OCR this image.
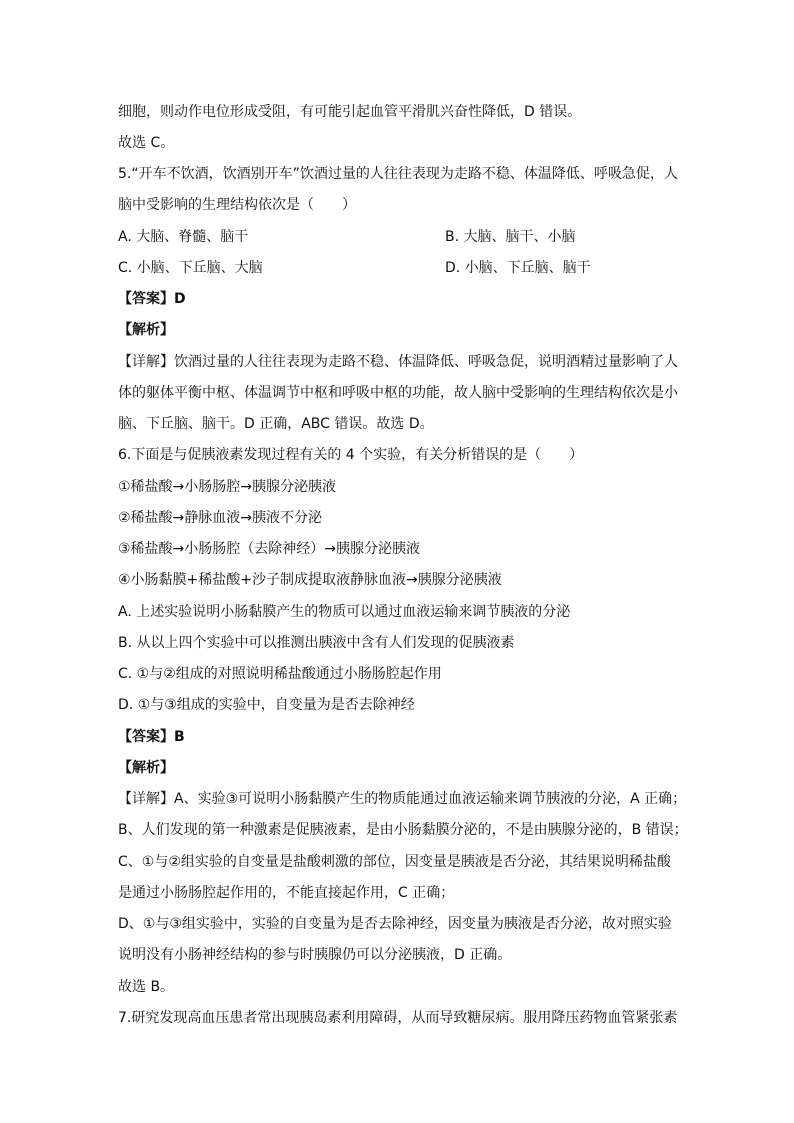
细胞，则动作电位形成受阻，有可能引起血管平滑肌兴奋性降低，D 错误。
故选 C。
5.“开车不饮酒，饮酒别开车”饮酒过量的人往往表现为走路不稳、体温降低、呼吸急促，人
脑中受影响的生理结构依次是（　　）
A. 大脑、脊髓、脑干	B. 大脑、脑干、小脑
C. 小脑、下丘脑、大脑	D. 小脑、下丘脑、脑干
【答案】D
【解析】
【详解】饮酒过量的人往往表现为走路不稳、体温降低、呼吸急促，说明酒精过量影响了人
体的躯体平衡中枢、体温调节中枢和呼吸中枢的功能，故人脑中受影响的生理结构依次是小
脑、下丘脑、脑干。D 正确，ABC 错误。故选 D。
6.下面是与促胰液素发现过程有关的 4 个实验，有关分析错误的是（　　）
①稀盐酸→小肠肠腔→胰腺分泌胰液
②稀盐酸→静脉血液→胰液不分泌
③稀盐酸→小肠肠腔（去除神经）→胰腺分泌胰液
④小肠黏膜+稀盐酸+沙子制成提取液静脉血液→胰腺分泌胰液
A. 上述实验说明小肠黏膜产生的物质可以通过血液运输来调节胰液的分泌
B. 从以上四个实验中可以推测出胰液中含有人们发现的促胰液素
C. ①与②组成的对照说明稀盐酸通过小肠肠腔起作用
D. ①与③组成的实验中，自变量为是否去除神经
【答案】B
【解析】
【详解】A、实验③可说明小肠黏膜产生的物质能通过血液运输来调节胰液的分泌，A 正确；
B、人们发现的第一种激素是促胰液素，是由小肠黏膜分泌的，不是由胰腺分泌的，B 错误；
C、①与②组实验的自变量是盐酸刺激的部位，因变量是胰液是否分泌，其结果说明稀盐酸
是通过小肠肠腔起作用的，不能直接起作用，C 正确；
D、①与③组实验中，实验的自变量为是否去除神经，因变量为胰液是否分泌，故对照实验
说明没有小肠神经结构的参与时胰腺仍可以分泌胰液，D 正确。
故选 B。
7.研究发现高血压患者常出现胰岛素利用障碍，从而导致糖尿病。服用降压药物血管紧张素
